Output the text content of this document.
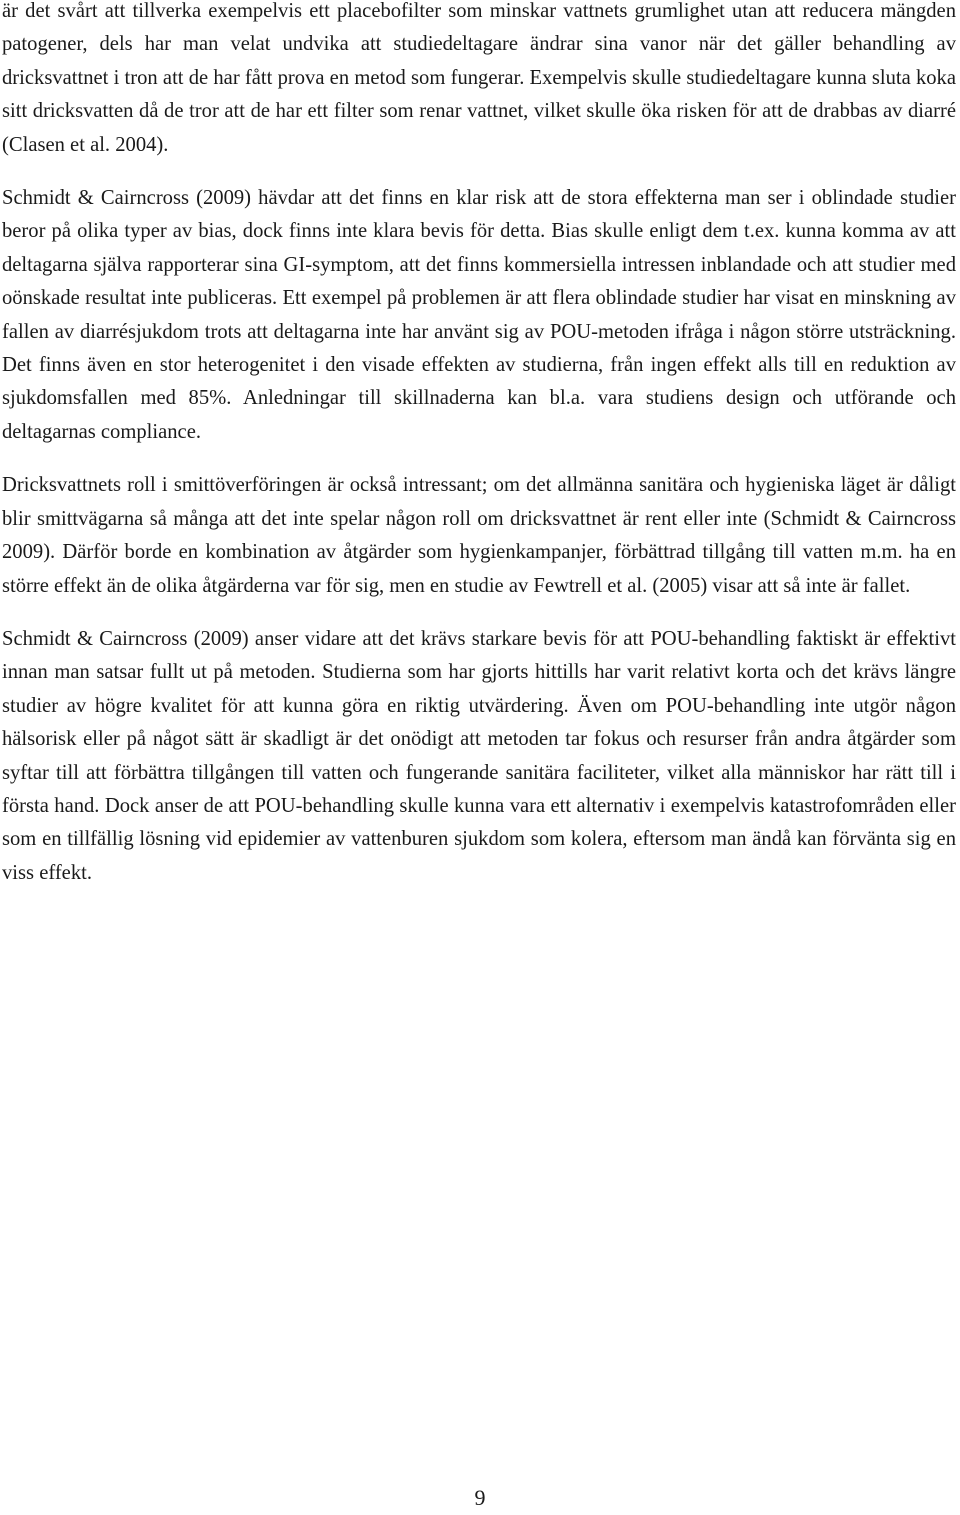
är det svårt att tillverka exempelvis ett placebofilter som minskar vattnets grumlighet utan att reducera mängden patogener, dels har man velat undvika att studiedeltagare ändrar sina vanor när det gäller behandling av dricksvattnet i tron att de har fått prova en metod som fungerar. Exempelvis skulle studiedeltagare kunna sluta koka sitt dricksvatten då de tror att de har ett filter som renar vattnet, vilket skulle öka risken för att de drabbas av diarré (Clasen et al. 2004).

Schmidt & Cairncross (2009) hävdar att det finns en klar risk att de stora effekterna man ser i oblindade studier beror på olika typer av bias, dock finns inte klara bevis för detta. Bias skulle enligt dem t.ex. kunna komma av att deltagarna själva rapporterar sina GI-symptom, att det finns kommersiella intressen inblandade och att studier med oönskade resultat inte publiceras. Ett exempel på problemen är att flera oblindade studier har visat en minskning av fallen av diarrésjukdom trots att deltagarna inte har använt sig av POU-metoden ifråga i någon större utsträckning. Det finns även en stor heterogenitet i den visade effekten av studierna, från ingen effekt alls till en reduktion av sjukdomsfallen med 85%. Anledningar till skillnaderna kan bl.a. vara studiens design och utförande och deltagarnas compliance.

Dricksvattnets roll i smittöverföringen är också intressant; om det allmänna sanitära och hygieniska läget är dåligt blir smittvägarna så många att det inte spelar någon roll om dricksvattnet är rent eller inte (Schmidt & Cairncross 2009). Därför borde en kombination av åtgärder som hygienkampanjer, förbättrad tillgång till vatten m.m. ha en större effekt än de olika åtgärderna var för sig, men en studie av Fewtrell et al. (2005) visar att så inte är fallet.

Schmidt & Cairncross (2009) anser vidare att det krävs starkare bevis för att POU-behandling faktiskt är effektivt innan man satsar fullt ut på metoden. Studierna som har gjorts hittills har varit relativt korta och det krävs längre studier av högre kvalitet för att kunna göra en riktig utvärdering. Även om POU-behandling inte utgör någon hälsorisk eller på något sätt är skadligt är det onödigt att metoden tar fokus och resurser från andra åtgärder som syftar till att förbättra tillgången till vatten och fungerande sanitära faciliteter, vilket alla människor har rätt till i första hand. Dock anser de att POU-behandling skulle kunna vara ett alternativ i exempelvis katastrofområden eller som en tillfällig lösning vid epidemier av vattenburen sjukdom som kolera, eftersom man ändå kan förvänta sig en viss effekt.

9
